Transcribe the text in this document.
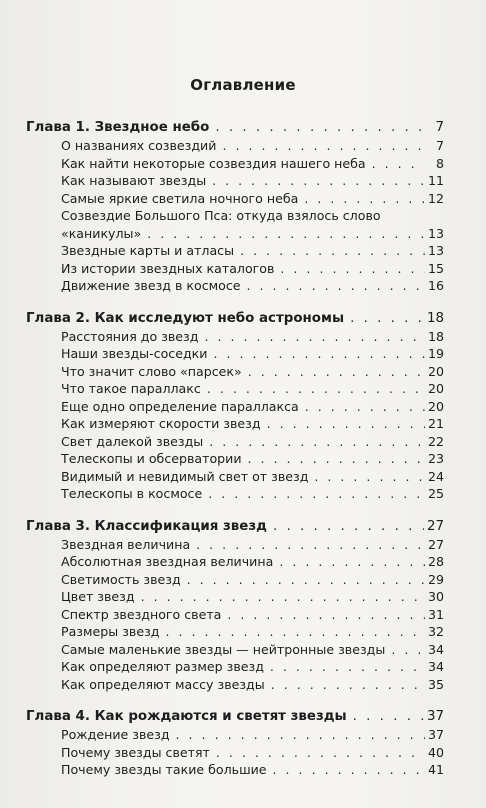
Оглавление
Глава 1. Звездное небо . . .	7
О названиях созвездий . . .	7
Как найти некоторые созвездия нашего неба . . .	8
Как называют звезды . . .	11
Самые яркие светила ночного неба . . .	12
Созвездие Большого Пса: откуда взялось слово
«каникулы» . . .	13
Звездные карты и атласы . . .	13
Из истории звездных каталогов . . .	15
Движение звезд в космосе . . .	16
Глава 2. Как исследуют небо астрономы . . .	18
Расстояния до звезд . . .	18
Наши звезды-соседки . . .	19
Что значит слово «парсек» . . .	20
Что такое параллакс . . .	20
Еще одно определение параллакса . . .	20
Как измеряют скорости звезд . . .	21
Свет далекой звезды . . .	22
Телескопы и обсерватории . . .	23
Видимый и невидимый свет от звезд . . .	24
Телескопы в космосе . . .	25
Глава 3. Классификация звезд . . .	27
Звездная величина . . .	27
Абсолютная звездная величина . . .	28
Светимость звезд . . .	29
Цвет звезд . . .	30
Спектр звездного света . . .	31
Размеры звезд . . .	32
Самые маленькие звезды — нейтронные звезды . . .	34
Как определяют размер звезд . . .	34
Как определяют массу звезды . . .	35
Глава 4. Как рождаются и светят звезды . . .	37
Рождение звезд . . .	37
Почему звезды светят . . .	40
Почему звезды такие большие . . .	41
